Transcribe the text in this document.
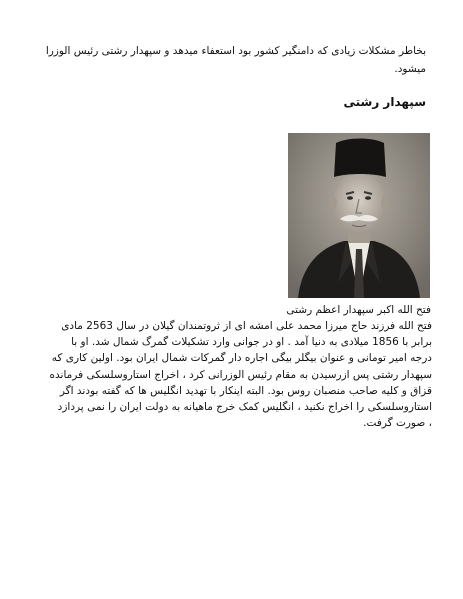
بخاطر مشکلات زیادی که دامنگیر کشور بود استعفاء میدهد و سپهدار رشتی رئیس الوزرا
میشود.
سپهدار رشتی
فتح الله اکبر سپهدار اعظم رشتی
فتح الله فرزند حاج میرزا محمد علی امشه ای از ثروتمندان گیلان در سال 2563 مادی
برابر با 1856 میلادی به دنیا آمد . او در جوانی وارد تشکیلات گمرگ شمال شد. او با
درجه امیر تومانی و عنوان بیگلر بیگی اجاره دار گمرکات شمال ایران بود. اولین کاری که
سپهدار رشتی پس ازرسیدن به مقام رئیس الوزرانی کرد ، اخراج استاروسلسکی فرمانده
قزاق و کلیه صاحب منصبان روس بود. البته اینکار با تهدید انگلیس ها که گفته بودند اگر
استاروسلسکی را اخراج نکنید ، انگلیس کمک خرج ماهیانه به دولت ایران را نمی پردازد
، صورت گرفت.
